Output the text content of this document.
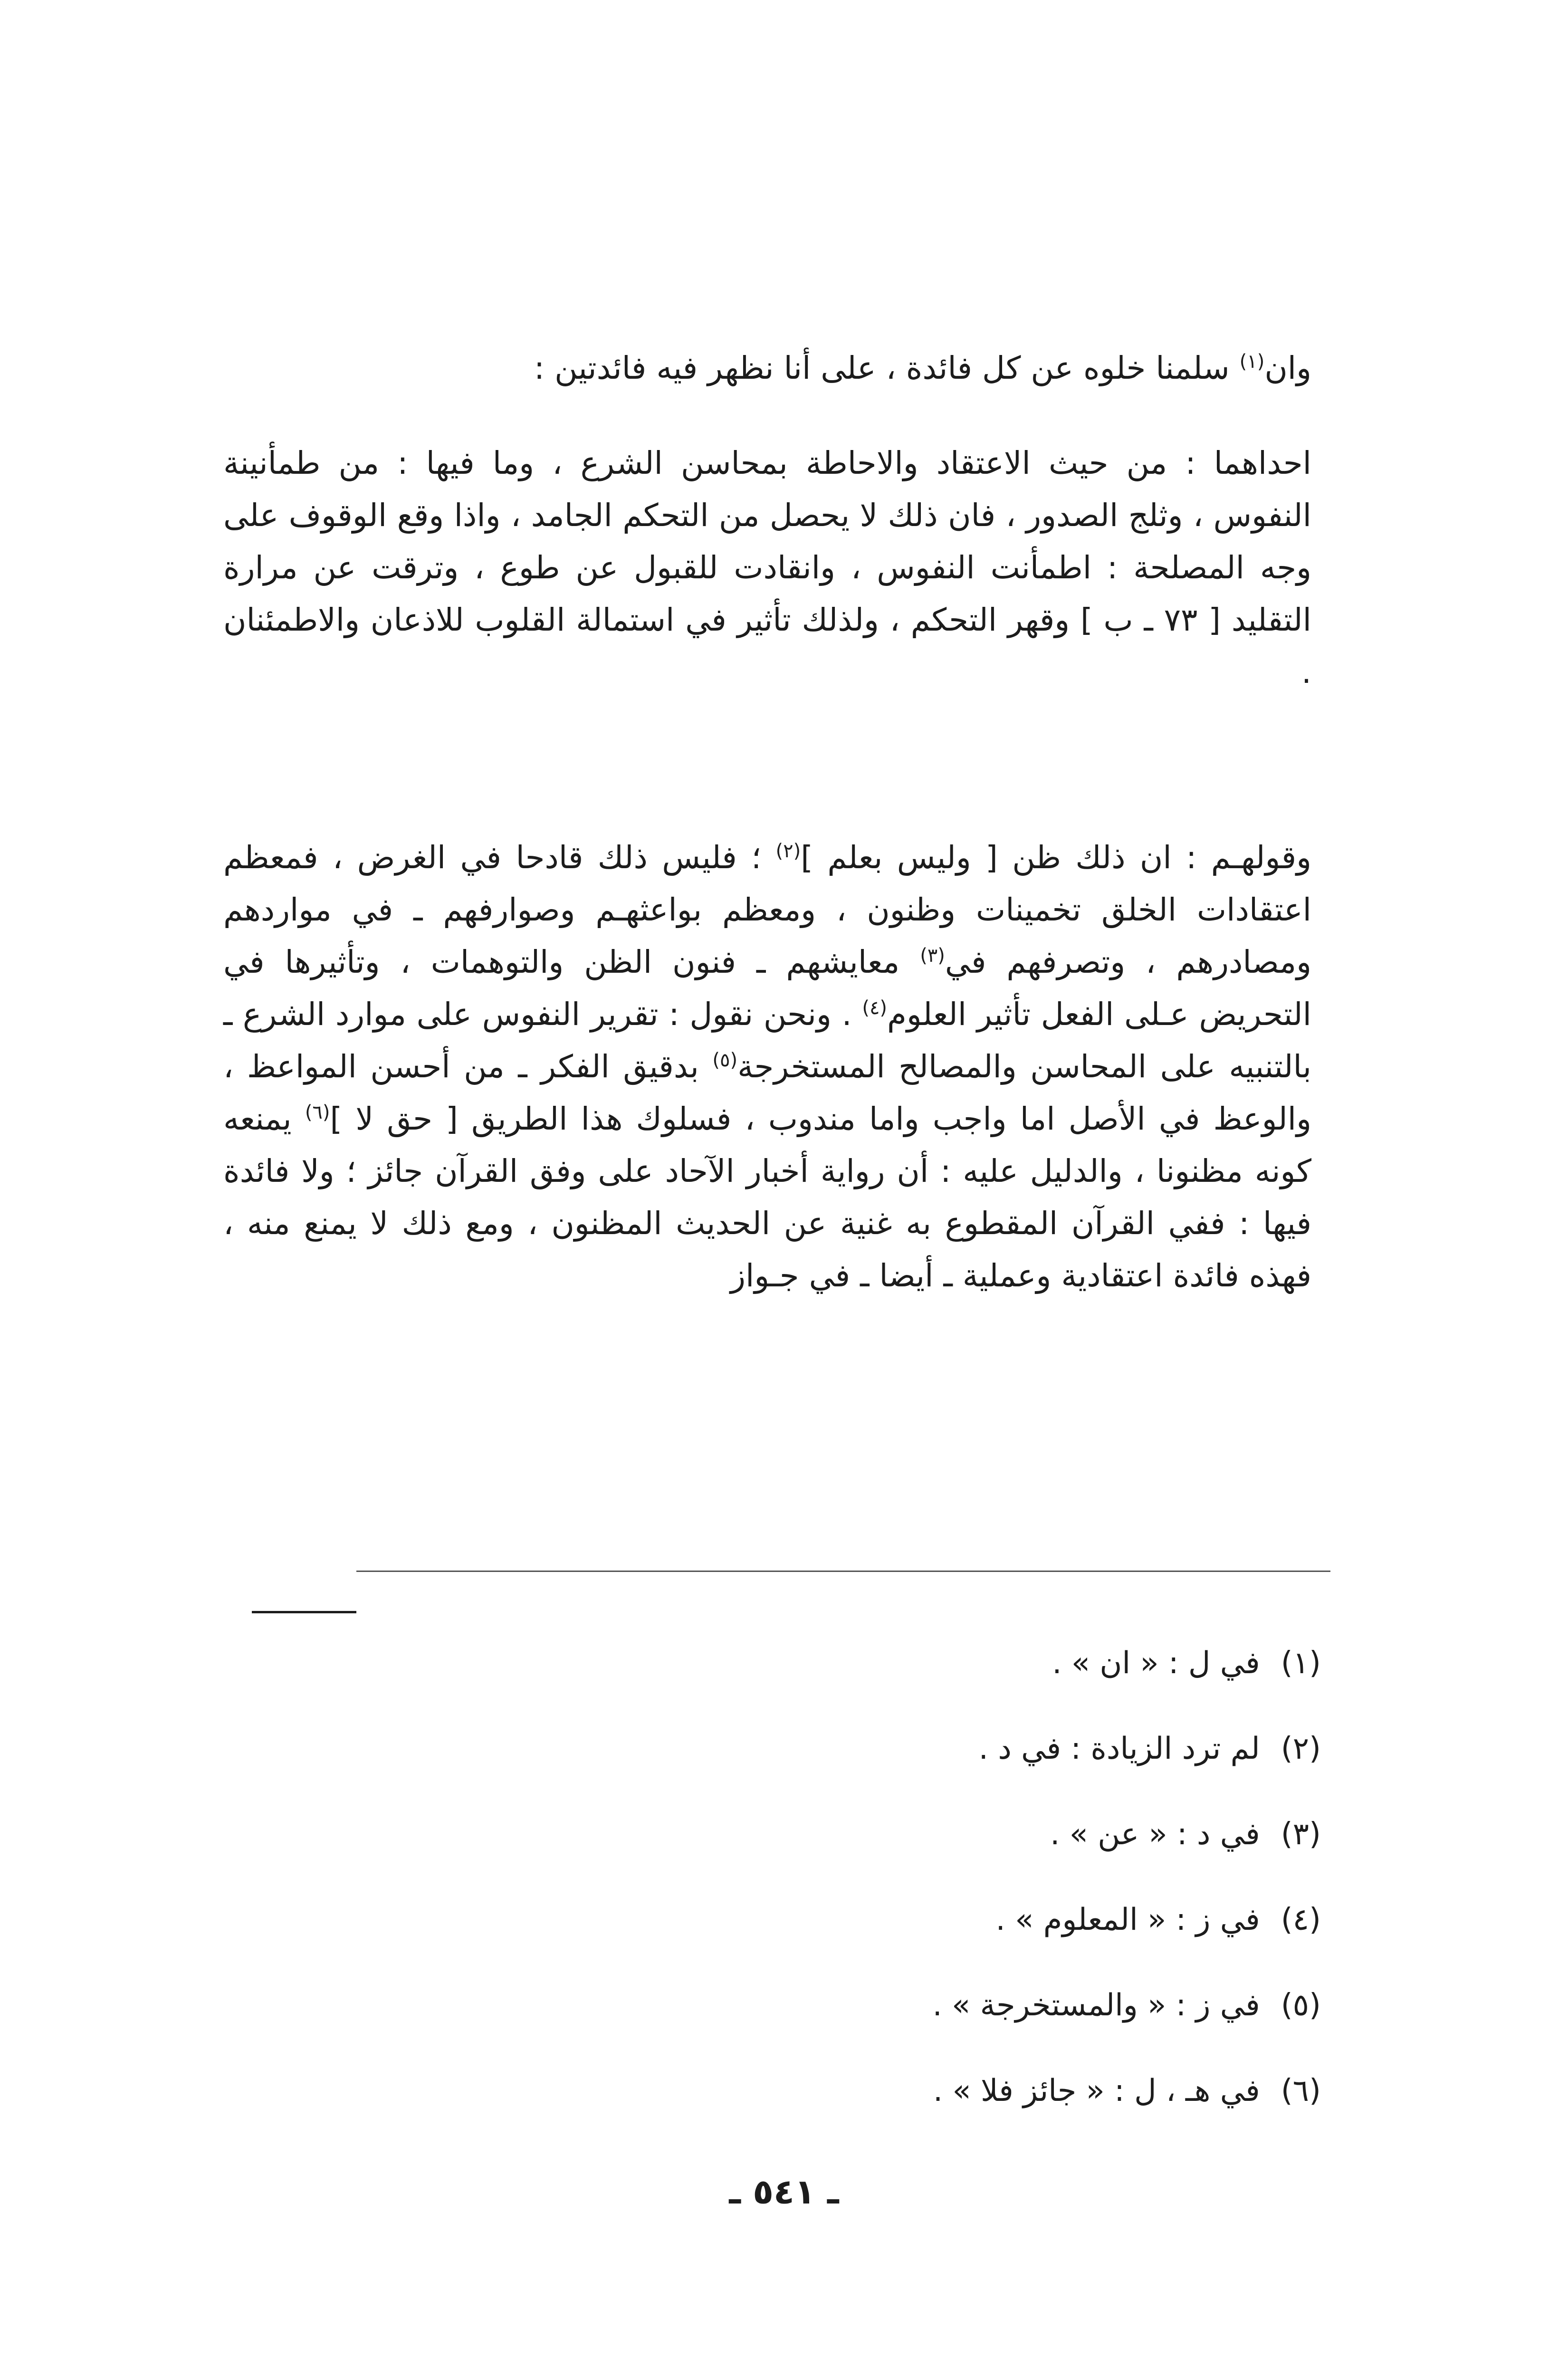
وان$^{(١)}$ سلمنا خلوه عن كل فائدة ، على أنا نظهر فيه فائدتين :

احداهما : من حيث الاعتقاد والاحاطة بمحاسن الشرع ، وما فيها : من طمأنينة النفوس ، وثلج الصدور ، فان ذلك لا يحصل من التحكم الجامد ، واذا وقع الوقوف على وجه المصلحة : اطمأنت النفوس ، وانقادت للقبول عن طوع ، وترقت عن مرارة التقليد [ ٧٣ ـ ب ] وقهر التحكم ، ولذلك تأثير في استمالة القلوب للاذعان والاطمئنان .

وقولهـم : ان ذلك ظن [ وليس بعلم ]$^{(٢)}$ ؛ فليس ذلك قادحا في الغرض ، فمعظم اعتقادات الخلق تخمينات وظنون ، ومعظم بواعثهـم وصوارفهم ـ في مواردهم ومصادرهم ، وتصرفهم في$^{(٣)}$ معايشهم ـ فنون الظن والتوهمات ، وتأثيرها في التحريض عـلى الفعل تأثير العلوم$^{(٤)}$ . ونحن نقول : تقرير النفوس على موارد الشرع ـ بالتنبيه على المحاسن والمصالح المستخرجة$^{(٥)}$ بدقيق الفكر ـ من أحسن المواعظ ، والوعظ في الأصل اما واجب واما مندوب ، فسلوك هذا الطريق [ حق لا ]$^{(٦)}$ يمنعه كونه مظنونا ، والدليل عليه : أن رواية أخبار الآحاد على وفق القرآن جائز ؛ ولا فائدة فيها : ففي القرآن المقطوع به غنية عن الحديث المظنون ، ومع ذلك لا يمنع منه ، فهذه فائدة اعتقادية وعملية ـ أيضا ـ في جـواز

(١)في ل : « ان » .
(٢)لم ترد الزيادة : في د .
(٣)في د : « عن » .
(٤)في ز : « المعلوم » .
(٥)في ز : « والمستخرجة » .
(٦)في هـ ، ل : « جائز فلا » .
ـ ٥٤١ ـ
